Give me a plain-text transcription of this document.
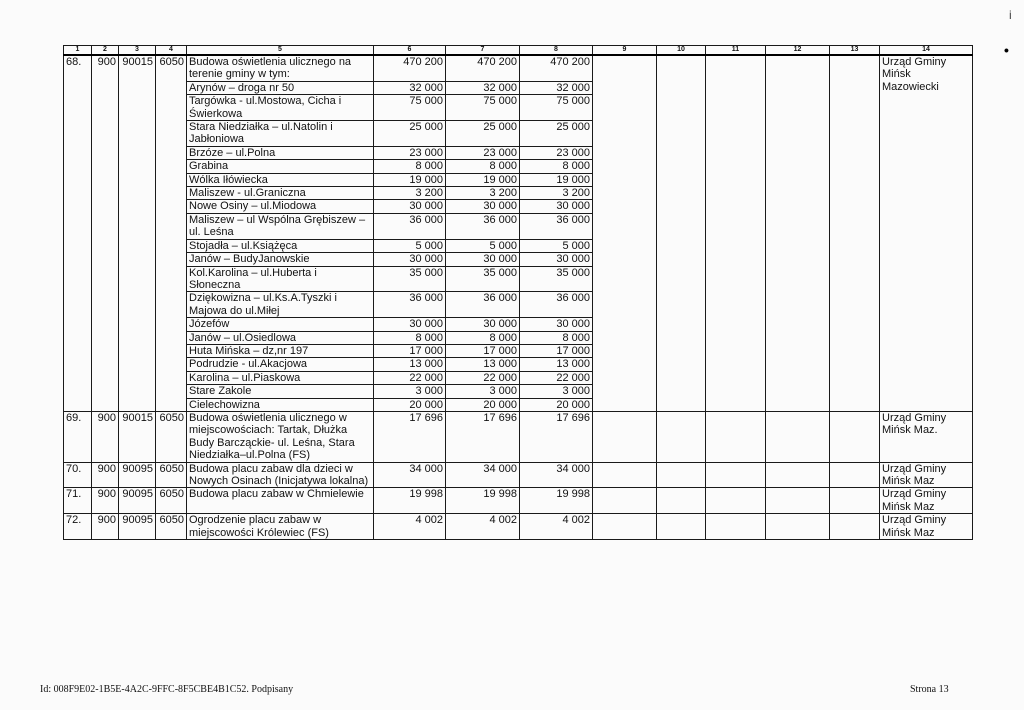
i
•
1	2	3	4	5	6	7	8	9	10	11	12	13	14
68.	900	90015	6050	Budowa oświetlenia ulicznego na terenie gminy w tym:	470 200	470 200	470 200						Urząd Gminy Mińsk Mazowiecki
				Arynów – droga nr 50	32 000	32 000	32 000						
				Targówka - ul.Mostowa, Cicha i Świerkowa	75 000	75 000	75 000						
				Stara Niedziałka – ul.Natolin i Jabłoniowa	25 000	25 000	25 000						
				Brzóze – ul.Polna	23 000	23 000	23 000						
				Grabina	8 000	8 000	8 000						
				Wólka Iłówiecka	19 000	19 000	19 000						
				Maliszew - ul.Graniczna	3 200	3 200	3 200						
				Nowe Osiny – ul.Miodowa	30 000	30 000	30 000						
				Maliszew – ul Wspólna Grębiszew – ul. Leśna	36 000	36 000	36 000						
				Stojadła – ul.Książęca	5 000	5 000	5 000						
				Janów – BudyJanowskie	30 000	30 000	30 000						
				Kol.Karolina – ul.Huberta i Słoneczna	35 000	35 000	35 000						
				Dziękowizna – ul.Ks.A.Tyszki i Majowa do ul.Miłej	36 000	36 000	36 000						
				Józefów	30 000	30 000	30 000						
				Janów – ul.Osiedlowa	8 000	8 000	8 000						
				Huta Mińska – dz,nr 197	17 000	17 000	17 000						
				Podrudzie - ul.Akacjowa	13 000	13 000	13 000						
				Karolina – ul.Piaskowa	22 000	22 000	22 000						
				Stare Zakole	3 000	3 000	3 000						
				Cielechowizna	20 000	20 000	20 000						
69.	900	90015	6050	Budowa oświetlenia ulicznego w miejscowościach: Tartak, Dłużka Budy Barcząckie- ul. Leśna, Stara Niedziałka–ul.Polna (FS)	17 696	17 696	17 696						Urząd Gminy Mińsk Maz.
70.	900	90095	6050	Budowa placu zabaw dla dzieci w Nowych Osinach (Inicjatywa lokalna)	34 000	34 000	34 000						Urząd Gminy Mińsk Maz
71.	900	90095	6050	Budowa placu zabaw w Chmielewie	19 998	19 998	19 998						Urząd Gminy Mińsk Maz
72.	900	90095	6050	Ogrodzenie placu zabaw w miejscowości Królewiec (FS)	4 002	4 002	4 002						Urząd Gminy Mińsk Maz
Id: 008F9E02-1B5E-4A2C-9FFC-8F5CBE4B1C52. Podpisany	Strona 13
